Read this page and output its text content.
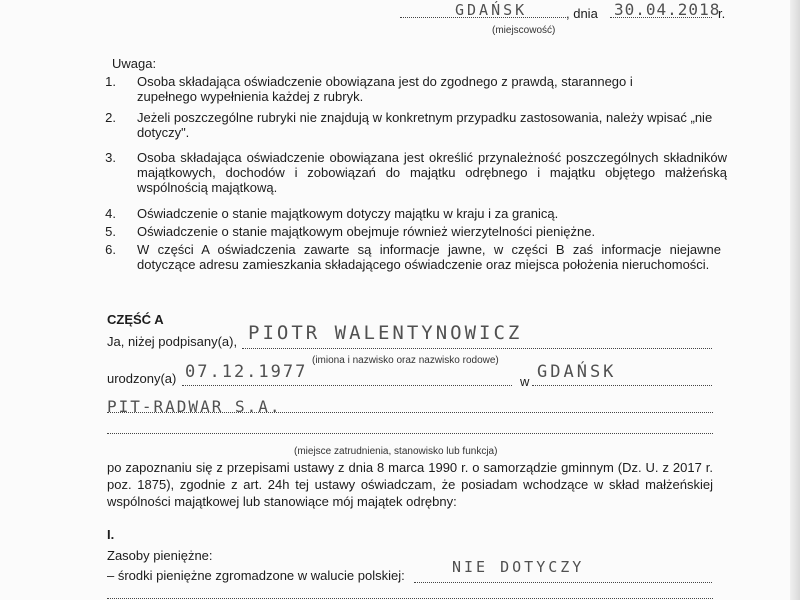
GDAŃSK	, dnia 30.04.2018
r.
(miejscowość)
Uwaga:
1. Osoba składająca oświadczenie obowiązana jest do zgodnego z prawdą, starannego i zupełnego wypełnienia każdej z rubryk.
2. Jeżeli poszczególne rubryki nie znajdują w konkretnym przypadku zastosowania, należy wpisać „nie dotyczy".
3. Osoba składająca oświadczenie obowiązana jest określić przynależność poszczególnych składników majątkowych, dochodów i zobowiązań do majątku odrębnego i majątku objętego małżeńską wspólnością majątkową.
4. Oświadczenie o stanie majątkowym dotyczy majątku w kraju i za granicą.
5. Oświadczenie o stanie majątkowym obejmuje również wierzytelności pieniężne.
6. W części A oświadczenia zawarte są informacje jawne, w części B zaś informacje niejawne dotyczące adresu zamieszkania składającego oświadczenie oraz miejsca położenia nieruchomości.
CZĘŚĆ A
Ja, niżej podpisany(a), PIOTR WALENTYNOWICZ
(imiona i nazwisko oraz nazwisko rodowe)
urodzony(a) 07.12.1977	w GDAŃSK
PIT-RADWAR S.A.
(miejsce zatrudnienia, stanowisko lub funkcja)
po zapoznaniu się z przepisami ustawy z dnia 8 marca 1990 r. o samorządzie gminnym (Dz. U. z 2017 r. poz. 1875), zgodnie z art. 24h tej ustawy oświadczam, że posiadam wchodzące w skład małżeńskiej wspólności majątkowej lub stanowiące mój majątek odrębny:
I.
Zasoby pieniężne:
– środki pieniężne zgromadzone w walucie polskiej:	NIE DOTYCZY
